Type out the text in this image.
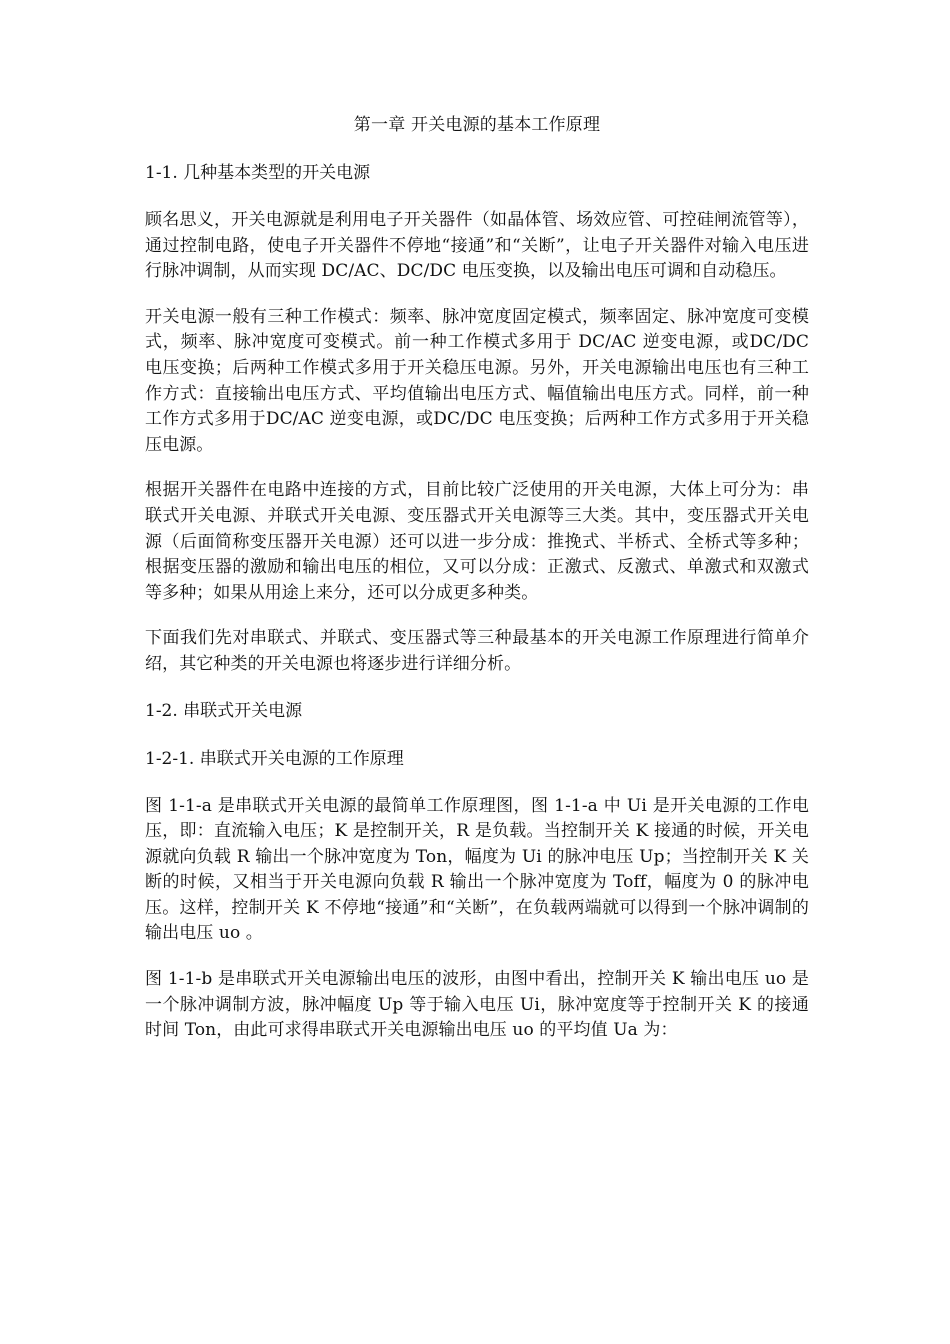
第一章 开关电源的基本工作原理

1-1. 几种基本类型的开关电源

顾名思义，开关电源就是利用电子开关器件（如晶体管、场效应管、可控硅闸流管等），通过控制电路，使电子开关器件不停地“接通”和“关断”，让电子开关器件对输入电压进行脉冲调制，从而实现 DC/AC、DC/DC 电压变换，以及输出电压可调和自动稳压。

开关电源一般有三种工作模式：频率、脉冲宽度固定模式，频率固定、脉冲宽度可变模式，频率、脉冲宽度可变模式。前一种工作模式多用于 DC/AC 逆变电源，或DC/DC 电压变换；后两种工作模式多用于开关稳压电源。另外，开关电源输出电压也有三种工作方式：直接输出电压方式、平均值输出电压方式、幅值输出电压方式。同样，前一种工作方式多用于DC/AC 逆变电源，或DC/DC 电压变换；后两种工作方式多用于开关稳压电源。

根据开关器件在电路中连接的方式，目前比较广泛使用的开关电源，大体上可分为：串联式开关电源、并联式开关电源、变压器式开关电源等三大类。其中，变压器式开关电源（后面简称变压器开关电源）还可以进一步分成：推挽式、半桥式、全桥式等多种；根据变压器的激励和输出电压的相位，又可以分成：正激式、反激式、单激式和双激式等多种；如果从用途上来分，还可以分成更多种类。

下面我们先对串联式、并联式、变压器式等三种最基本的开关电源工作原理进行简单介绍，其它种类的开关电源也将逐步进行详细分析。

1-2. 串联式开关电源

1-2-1. 串联式开关电源的工作原理

图 1-1-a 是串联式开关电源的最简单工作原理图，图 1-1-a 中 Ui 是开关电源的工作电压，即：直流输入电压；K 是控制开关，R 是负载。当控制开关 K 接通的时候，开关电源就向负载 R 输出一个脉冲宽度为 Ton，幅度为 Ui 的脉冲电压 Up；当控制开关 K 关断的时候，又相当于开关电源向负载 R 输出一个脉冲宽度为 Toff，幅度为 0 的脉冲电压。这样，控制开关 K 不停地“接通”和“关断”，在负载两端就可以得到一个脉冲调制的输出电压 uo 。

图 1-1-b 是串联式开关电源输出电压的波形，由图中看出，控制开关 K 输出电压 uo 是一个脉冲调制方波，脉冲幅度 Up 等于输入电压 Ui，脉冲宽度等于控制开关 K 的接通时间 Ton，由此可求得串联式开关电源输出电压 uo 的平均值 Ua 为：
